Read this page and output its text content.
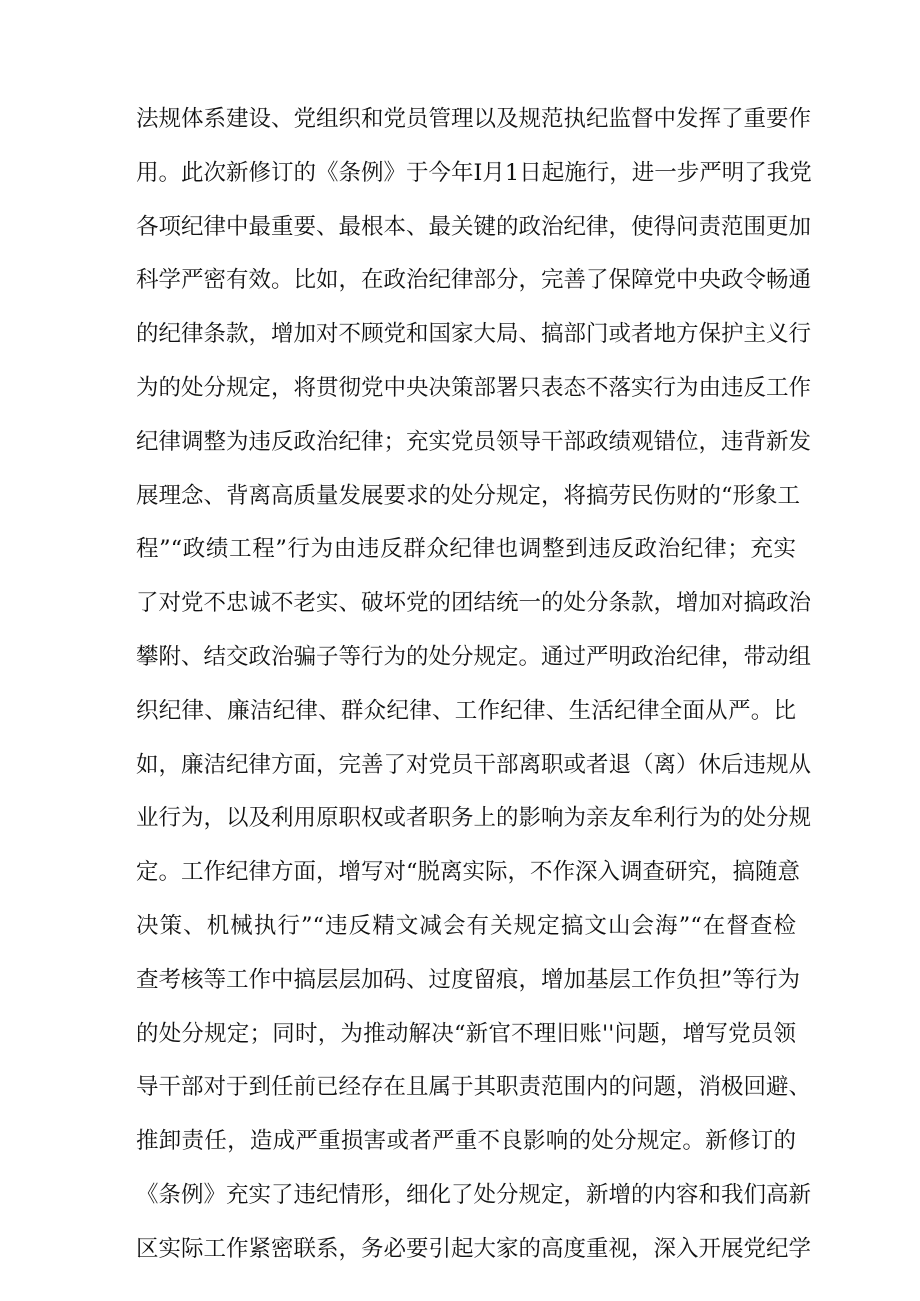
法规体系建设、党组织和党员管理以及规范执纪监督中发挥了重要作
用。此次新修订的《条例》于今年I月1日起施行，进一步严明了我党
各项纪律中最重要、最根本、最关键的政治纪律，使得问责范围更加
科学严密有效。比如，在政治纪律部分，完善了保障党中央政令畅通
的纪律条款，增加对不顾党和国家大局、搞部门或者地方保护主义行
为的处分规定，将贯彻党中央决策部署只表态不落实行为由违反工作
纪律调整为违反政治纪律；充实党员领导干部政绩观错位，违背新发
展理念、背离高质量发展要求的处分规定，将搞劳民伤财的“形象工
程”“政绩工程”行为由违反群众纪律也调整到违反政治纪律；充实
了对党不忠诚不老实、破坏党的团结统一的处分条款，增加对搞政治
攀附、结交政治骗子等行为的处分规定。通过严明政治纪律，带动组
织纪律、廉洁纪律、群众纪律、工作纪律、生活纪律全面从严。比
如，廉洁纪律方面，完善了对党员干部离职或者退（离）休后违规从
业行为，以及利用原职权或者职务上的影响为亲友牟利行为的处分规
定。工作纪律方面，增写对“脱离实际，不作深入调查研究，搞随意
决策、机械执行”“违反精文减会有关规定搞文山会海”“在督查检
查考核等工作中搞层层加码、过度留痕，增加基层工作负担”等行为
的处分规定；同时，为推动解决“新官不理旧账''问题，增写党员领
导干部对于到任前已经存在且属于其职责范围内的问题，消极回避、
推卸责任，造成严重损害或者严重不良影响的处分规定。新修订的
《条例》充实了违纪情形，细化了处分规定，新增的内容和我们高新
区实际工作紧密联系，务必要引起大家的高度重视，深入开展党纪学
